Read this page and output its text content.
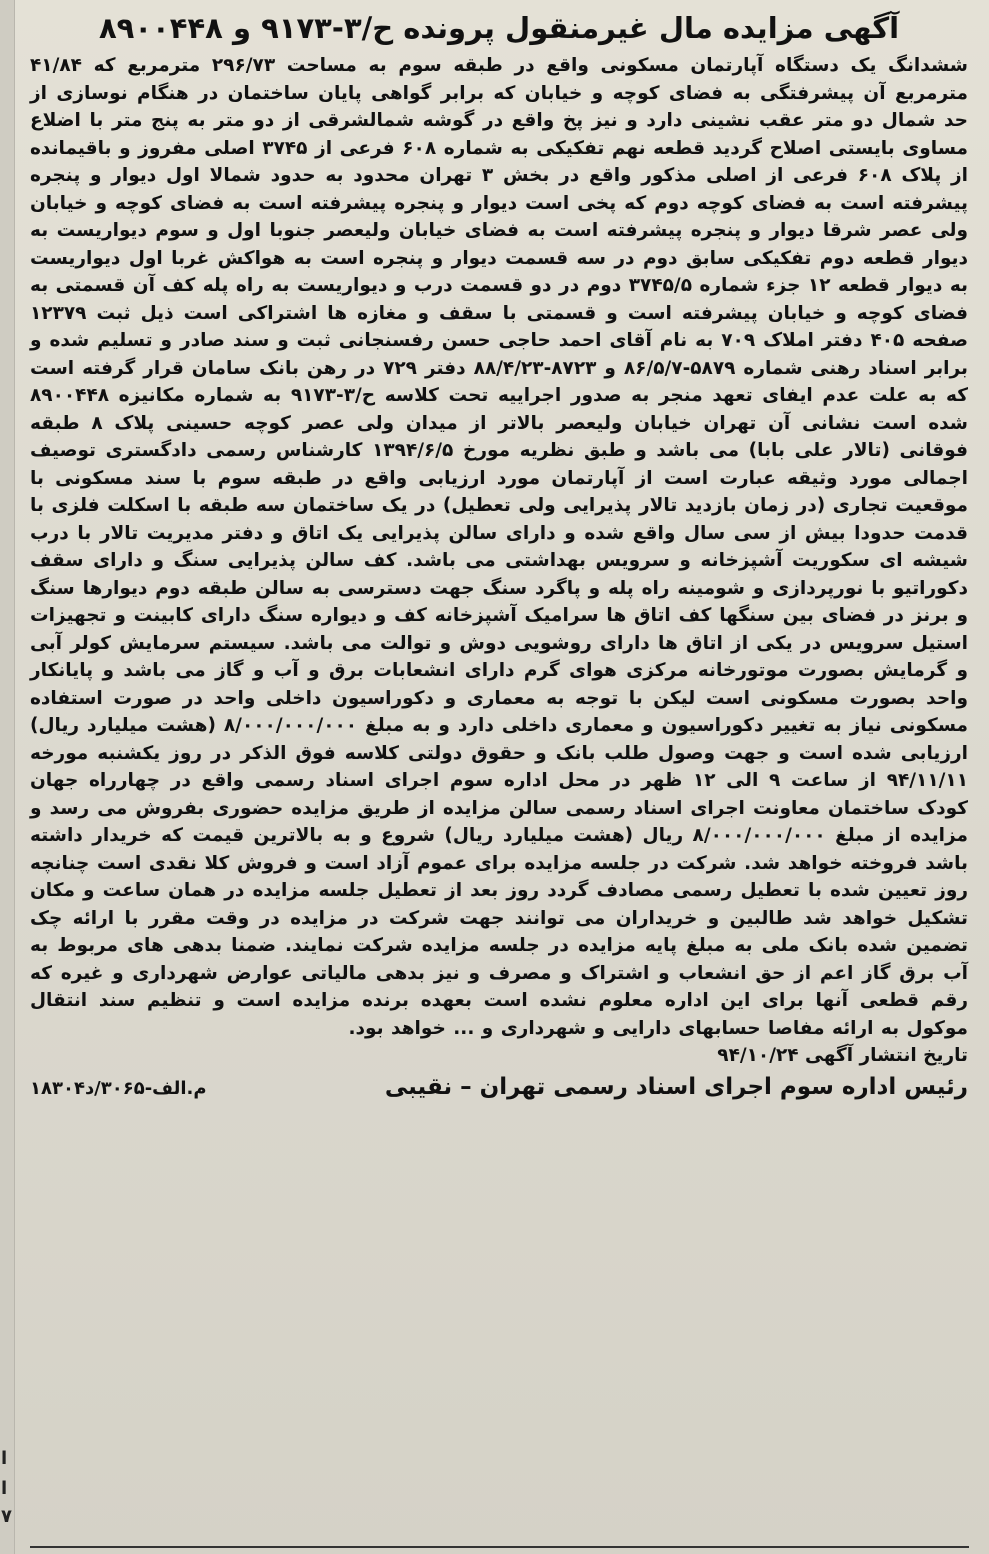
ا
ا
۷
آگهی مزایده مال غیرمنقول پرونده ح/۳-۹۱۷۳ و ۸۹۰۰۴۴۸

ششدانگ یک دستگاه آپارتمان مسکونی واقع در طبقه سوم به مساحت ۲۹۶/۷۳ مترمربع که ۴۱/۸۴ مترمربع آن پیشرفتگی به فضای کوچه و خیابان که برابر گواهی پایان ساختمان در هنگام نوسازی از حد شمال دو متر عقب نشینی دارد و نیز پخ واقع در گوشه شمالشرقی از دو متر به پنج متر با اضلاع مساوی بایستی اصلاح گردید قطعه نهم تفکیکی به شماره ۶۰۸ فرعی از ۳۷۴۵ اصلی مفروز و باقیمانده از پلاک ۶۰۸ فرعی از اصلی مذکور واقع در بخش ۳ تهران محدود به حدود شمالا اول دیوار و پنجره پیشرفته است به فضای کوچه دوم که پخی است دیوار و پنجره پیشرفته است به فضای کوچه و خیابان ولی عصر شرقا دیوار و پنجره پیشرفته است به فضای خیابان ولیعصر جنوبا اول و سوم دیواریست به دیوار قطعه دوم تفکیکی سابق دوم در سه قسمت دیوار و پنجره است به هواکش غربا اول دیواریست به دیوار قطعه ۱۲ جزء شماره ۳۷۴۵/۵ دوم در دو قسمت درب و دیواریست به راه پله کف آن قسمتی به فضای کوچه و خیابان پیشرفته است و قسمتی با سقف و مغازه ها اشتراکی است ذیل ثبت ۱۲۳۷۹ صفحه ۴۰۵ دفتر املاک ۷۰۹ به نام آقای احمد حاجی حسن رفسنجانی ثبت و سند صادر و تسلیم شده و برابر اسناد رهنی شماره ۵۸۷۹-۸۶/۵/۷ و ۸۷۲۳-۸۸/۴/۲۳ دفتر ۷۲۹ در رهن بانک سامان قرار گرفته است که به علت عدم ایفای تعهد منجر به صدور اجراییه تحت کلاسه ح/۳-۹۱۷۳ به شماره مکانیزه ۸۹۰۰۴۴۸ شده است نشانی آن تهران خیابان ولیعصر بالاتر از میدان ولی عصر کوچه حسینی پلاک ۸ طبقه فوقانی (تالار علی بابا) می باشد و طبق نظریه مورخ ۱۳۹۴/۶/۵ کارشناس رسمی دادگستری توصیف اجمالی مورد وثیقه عبارت است از آپارتمان مورد ارزیابی واقع در طبقه سوم با سند مسکونی با موقعیت تجاری (در زمان بازدید تالار پذیرایی ولی تعطیل) در یک ساختمان سه طبقه با اسکلت فلزی با قدمت حدودا بیش از سی سال واقع شده و دارای سالن پذیرایی یک اتاق و دفتر مدیریت تالار با درب شیشه ای سکوریت آشپزخانه و سرویس بهداشتی می باشد. کف سالن پذیرایی سنگ و دارای سقف دکوراتیو با نورپردازی و شومینه راه پله و پاگرد سنگ جهت دسترسی به سالن طبقه دوم دیوارها سنگ و برنز در فضای بین سنگها کف اتاق ها سرامیک آشپزخانه کف و دیواره سنگ دارای کابینت و تجهیزات استیل سرویس در یکی از اتاق ها دارای روشویی دوش و توالت می باشد. سیستم سرمایش کولر آبی و گرمایش بصورت موتورخانه مرکزی هوای گرم دارای انشعابات برق و آب و گاز می باشد و پایانکار واحد بصورت مسکونی است لیکن با توجه به معماری و دکوراسیون داخلی واحد در صورت استفاده مسکونی نیاز به تغییر دکوراسیون و معماری داخلی دارد و به مبلغ ۸/۰۰۰/۰۰۰/۰۰۰ (هشت میلیارد ریال) ارزیابی شده است و جهت وصول طلب بانک و حقوق دولتی کلاسه فوق الذکر در روز یکشنبه مورخه ۹۴/۱۱/۱۱ از ساعت ۹ الی ۱۲ ظهر در محل اداره سوم اجرای اسناد رسمی واقع در چهارراه جهان کودک ساختمان معاونت اجرای اسناد رسمی سالن مزایده از طریق مزایده حضوری بفروش می رسد و مزایده از مبلغ ۸/۰۰۰/۰۰۰/۰۰۰ ریال (هشت میلیارد ریال) شروع و به بالاترین قیمت که خریدار داشته باشد فروخته خواهد شد. شرکت در جلسه مزایده برای عموم آزاد است و فروش کلا نقدی است چنانچه روز تعیین شده با تعطیل رسمی مصادف گردد روز بعد از تعطیل جلسه مزایده در همان ساعت و مکان تشکیل خواهد شد طالبین و خریداران می توانند جهت شرکت در مزایده در وقت مقرر با ارائه چک تضمین شده بانک ملی به مبلغ پایه مزایده در جلسه مزایده شرکت نمایند. ضمنا بدهی های مربوط به آب برق گاز اعم از حق انشعاب و اشتراک و مصرف و نیز بدهی مالیاتی عوارض شهرداری و غیره که رقم قطعی آنها برای این اداره معلوم نشده است بعهده برنده مزایده است و تنظیم سند انتقال موکول به ارائه مفاصا حسابهای دارایی و شهرداری و ... خواهد بود.

تاریخ انتشار آگهی ۹۴/۱۰/۲۴

رئیس اداره سوم اجرای اسناد رسمی تهران – نقیبی
۱۸۳۰۴م.الف-۳۰۶۵/د
